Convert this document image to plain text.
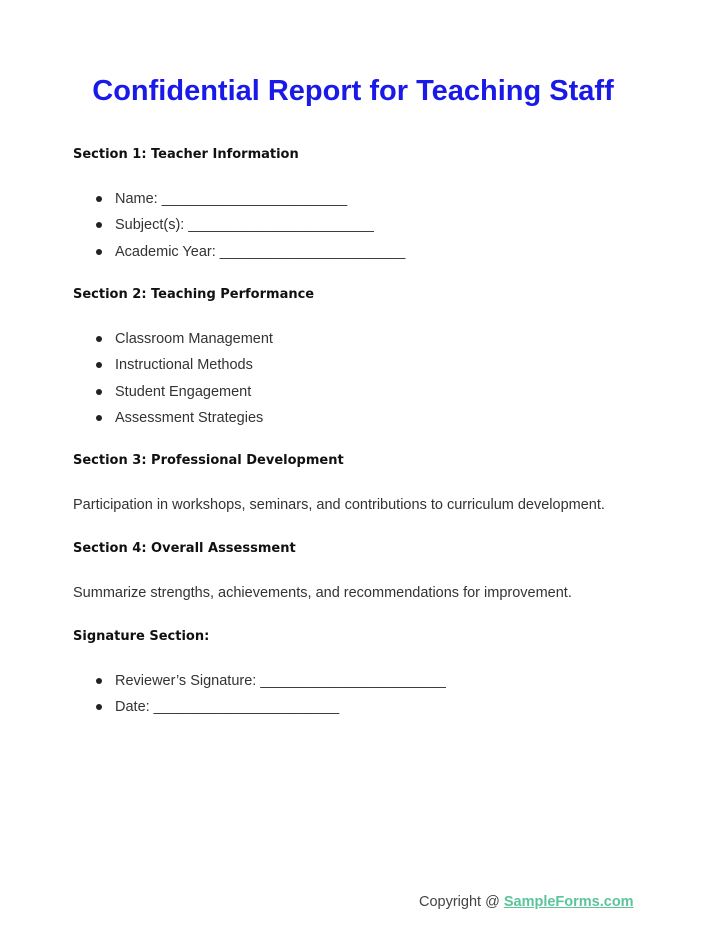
Confidential Report for Teaching Staff
Section 1: Teacher Information
Name: _______________________
Subject(s): _______________________
Academic Year: _______________________
Section 2: Teaching Performance
Classroom Management
Instructional Methods
Student Engagement
Assessment Strategies
Section 3: Professional Development

Participation in workshops, seminars, and contributions to curriculum development.

Section 4: Overall Assessment

Summarize strengths, achievements, and recommendations for improvement.

Signature Section:
Reviewer’s Signature: _______________________
Date: _______________________
Copyright @ SampleForms.com
